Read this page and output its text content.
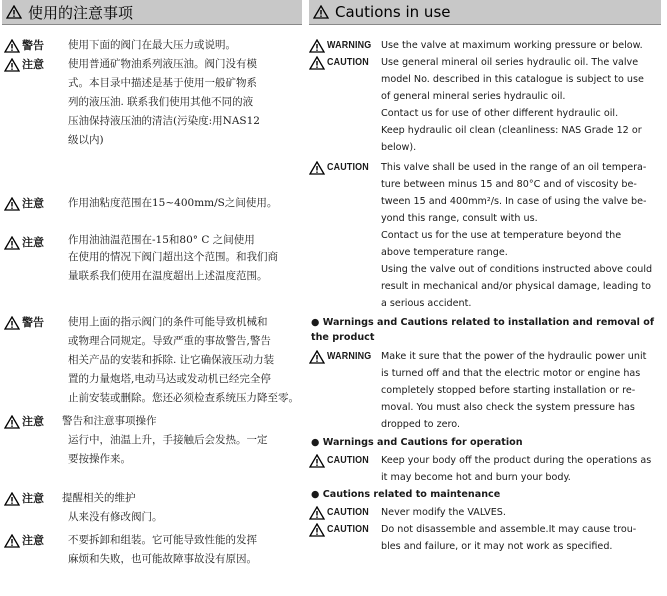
使用的注意事项
警告 使用下面的阀门在最大压力或说明。
注意 使用普通矿物油系列液压油。阀门没有模
式。本目录中描述是基于使用一般矿物系
列的液压油. 联系我们使用其他不同的液
压油保持液压油的清洁(污染度:用NAS12
级以内)
注意 作用油粘度范围在15~400mm/S之间使用。
注意 作用油油温范围在-15和80° C 之间使用
在使用的情况下阀门超出这个范围。和我们商
量联系我们使用在温度超出上述温度范围。
警告 使用上面的指示阀门的条件可能导致机械和
或物理合同规定。导致严重的事故警告,警告
相关产品的安装和拆除. 让它确保液压动力装
置的力量炮塔,电动马达或发动机已经完全停
止前安装或删除。您还必须检查系统压力降至零。
注意 警告和注意事项操作
运行中，油温上升，手接触后会发热。一定
要按操作来。
注意 提醒相关的维护
从来没有修改阀门。
注意 不要拆卸和组装。它可能导致性能的发挥
麻烦和失败，也可能故障事故没有原因。
Cautions in use
WARNING Use the valve at maximum working pressure or below.
CAUTION Use general mineral oil series hydraulic oil. The valve
model No. described in this catalogue is subject to use
of general mineral series hydraulic oil.
Contact us for use of other different hydraulic oil.
Keep hydraulic oil clean (cleanliness: NAS Grade 12 or
below).
CAUTION This valve shall be used in the range of an oil tempera-
ture between minus 15 and 80°C and of viscosity be-
tween 15 and 400mm²/s. In case of using the valve be-
yond this range, consult with us.
Contact us for the use at temperature beyond the
above temperature range.
Using the valve out of conditions instructed above could
result in mechanical and/or physical damage, leading to
a serious accident.
● Warnings and Cautions related to installation and removal of the product
WARNING Make it sure that the power of the hydraulic power unit
is turned off and that the electric motor or engine has
completely stopped before starting installation or re-
moval. You must also check the system pressure has
dropped to zero.
● Warnings and Cautions for operation
CAUTION Keep your body off the product during the operations as
it may become hot and burn your body.
● Cautions related to maintenance
CAUTION Never modify the VALVES.
CAUTION Do not disassemble and assemble.It may cause trou-
bles and failure, or it may not work as specified.
